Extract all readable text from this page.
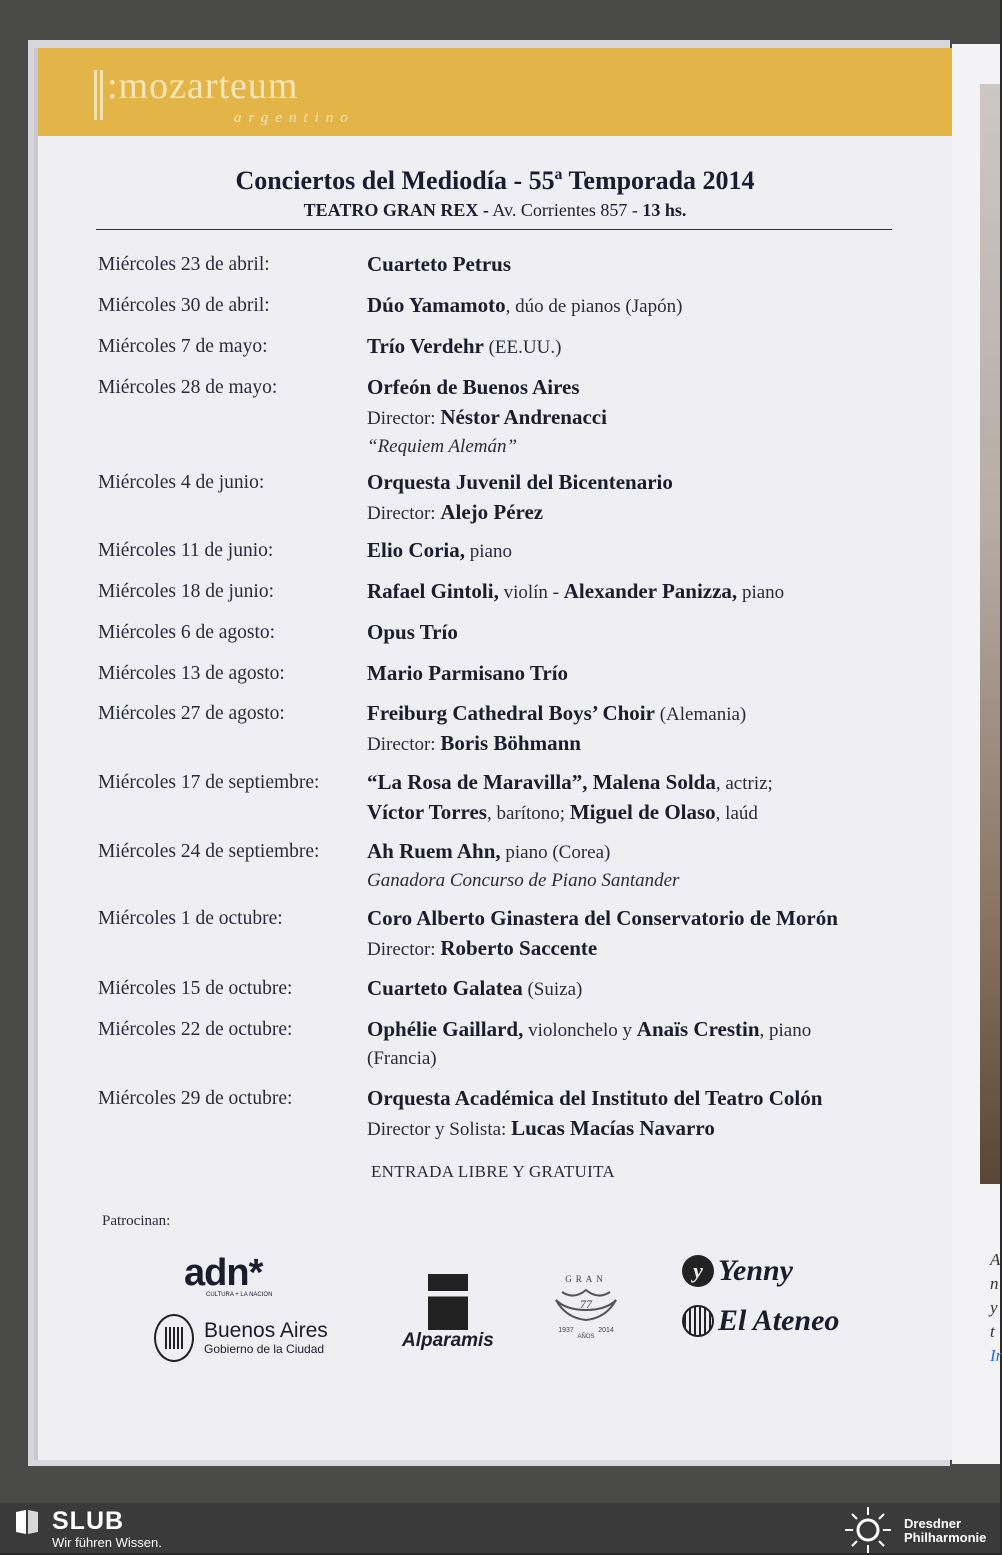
A
n
y
t
Ir
:mozarteum
argentino
Conciertos del Mediodía - 55ª Temporada 2014
TEATRO GRAN REX - Av. Corrientes 857 - 13 hs.
Miércoles 23 de abril:	Cuarteto Petrus
Miércoles 30 de abril:	Dúo Yamamoto, dúo de pianos (Japón)
Miércoles 7 de mayo:	Trío Verdehr (EE.UU.)
Miércoles 28 de mayo:	Orfeón de Buenos Aires
Director: Néstor Andrenacci
“Requiem Alemán”
Miércoles 4 de junio:	Orquesta Juvenil del Bicentenario
Director: Alejo Pérez
Miércoles 11 de junio:	Elio Coria, piano
Miércoles 18 de junio:	Rafael Gintoli, violín - Alexander Panizza, piano
Miércoles 6 de agosto:	Opus Trío
Miércoles 13 de agosto:	Mario Parmisano Trío
Miércoles 27 de agosto:	Freiburg Cathedral Boys’ Choir (Alemania)
Director: Boris Böhmann
Miércoles 17 de septiembre: “La Rosa de Maravilla”, Malena Solda, actriz;
Víctor Torres, barítono; Miguel de Olaso, laúd
Miércoles 24 de septiembre: Ah Ruem Ahn, piano (Corea)
Ganadora Concurso de Piano Santander
Miércoles 1 de octubre:	Coro Alberto Ginastera del Conservatorio de Morón
Director: Roberto Saccente
Miércoles 15 de octubre:	Cuarteto Galatea (Suiza)
Miércoles 22 de octubre:	Ophélie Gaillard, violonchelo y Anaïs Crestin, piano
(Francia)
Miércoles 29 de octubre:	Orquesta Académica del Instituto del Teatro Colón
Director y Solista: Lucas Macías Navarro
ENTRADA LIBRE Y GRATUITA
Patrocinan:
adn*
CULTURA + LA NACION
Buenos Aires
Gobierno de la Ciudad	Alparamis
GRAN
77
1937	2014
AÑOS
y Yenny
El Ateneo
SLUB
Wir führen Wissen.
Dresdner
Philharmonie
